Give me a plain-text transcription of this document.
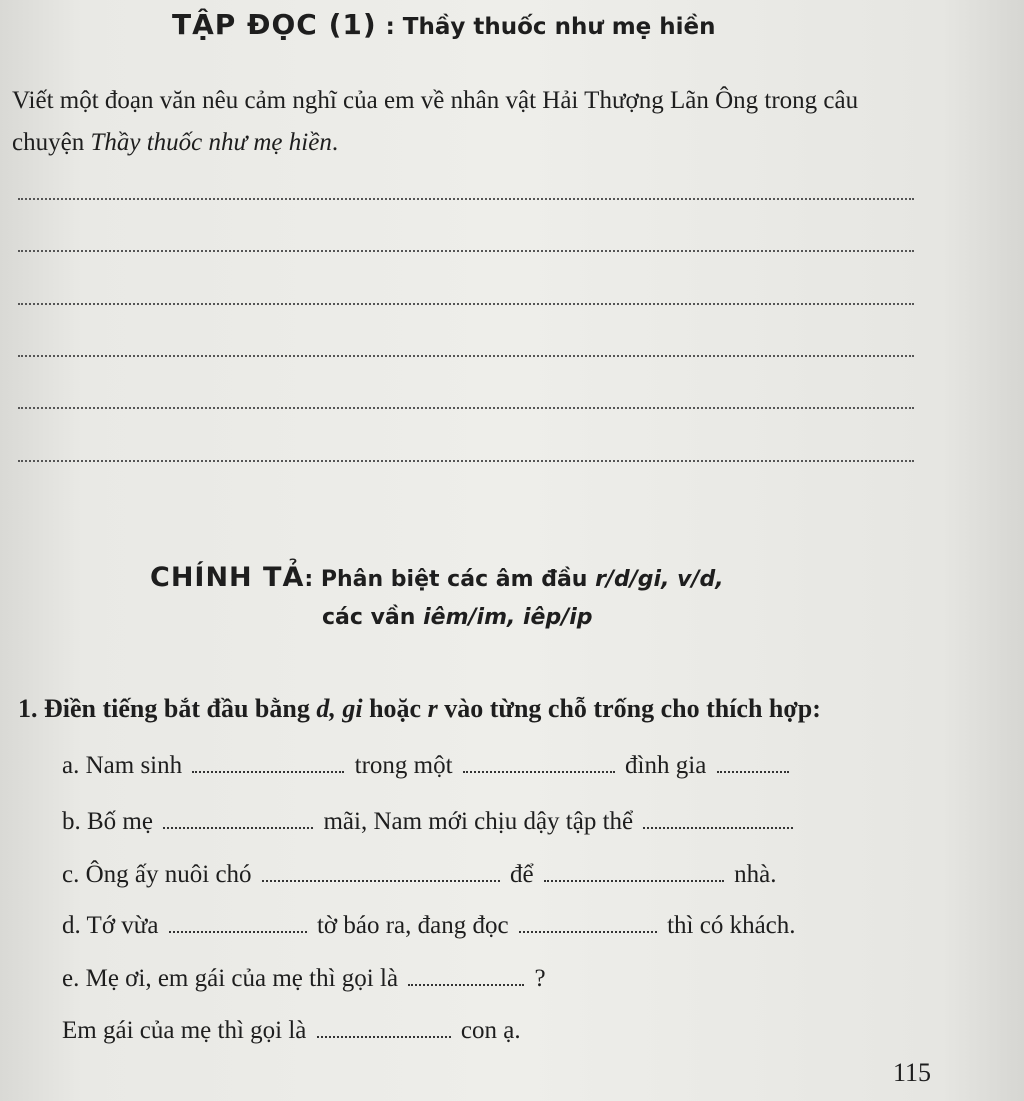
TẬP ĐỌC (1) : Thầy thuốc như mẹ hiền
Viết một đoạn văn nêu cảm nghĩ của em về nhân vật Hải Thượng Lãn Ông trong câu chuyện Thầy thuốc như mẹ hiền.
CHÍNH TẢ: Phân biệt các âm đầu r/d/gi, v/d,
các vần iêm/im, iêp/ip
1. Điền tiếng bắt đầu bằng d, gi hoặc r vào từng chỗ trống cho thích hợp:
a. Nam sinh	trong một	đình gia
b. Bố mẹ	mãi, Nam mới chịu dậy tập thể
c. Ông ấy nuôi chó	để	nhà.
d. Tớ vừa	tờ báo ra, đang đọc	thì có khách.
e. Mẹ ơi, em gái của mẹ thì gọi là	?
Em gái của mẹ thì gọi là	con ạ.
115
